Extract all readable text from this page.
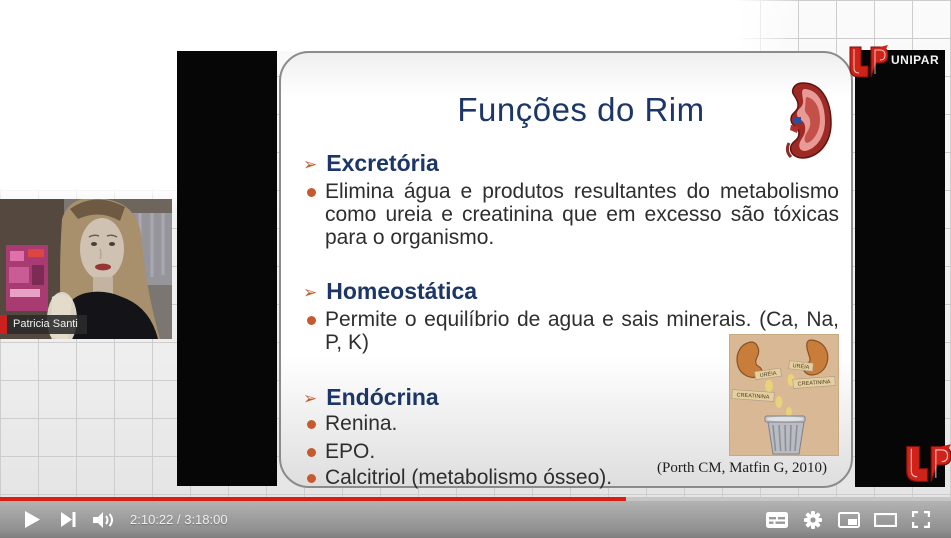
Funções do Rim
➢ Excretória

Elimina água e produtos resultantes do metabolismo como ureia e creatinina que em excesso são tóxicas para o organismo.

➢ Homeostática

Permite o equilíbrio de agua e sais minerais. (Ca, Na, P, K)

➢ Endócrina

Renina.

EPO.

Calcitriol (metabolismo ósseo).	(Porth CM, Matfin G, 2010)
URÉIA
URÉIA
CREATININA
CREATININA
UNIPAR
Patricia Santi
2:10:22 / 3:18:00
